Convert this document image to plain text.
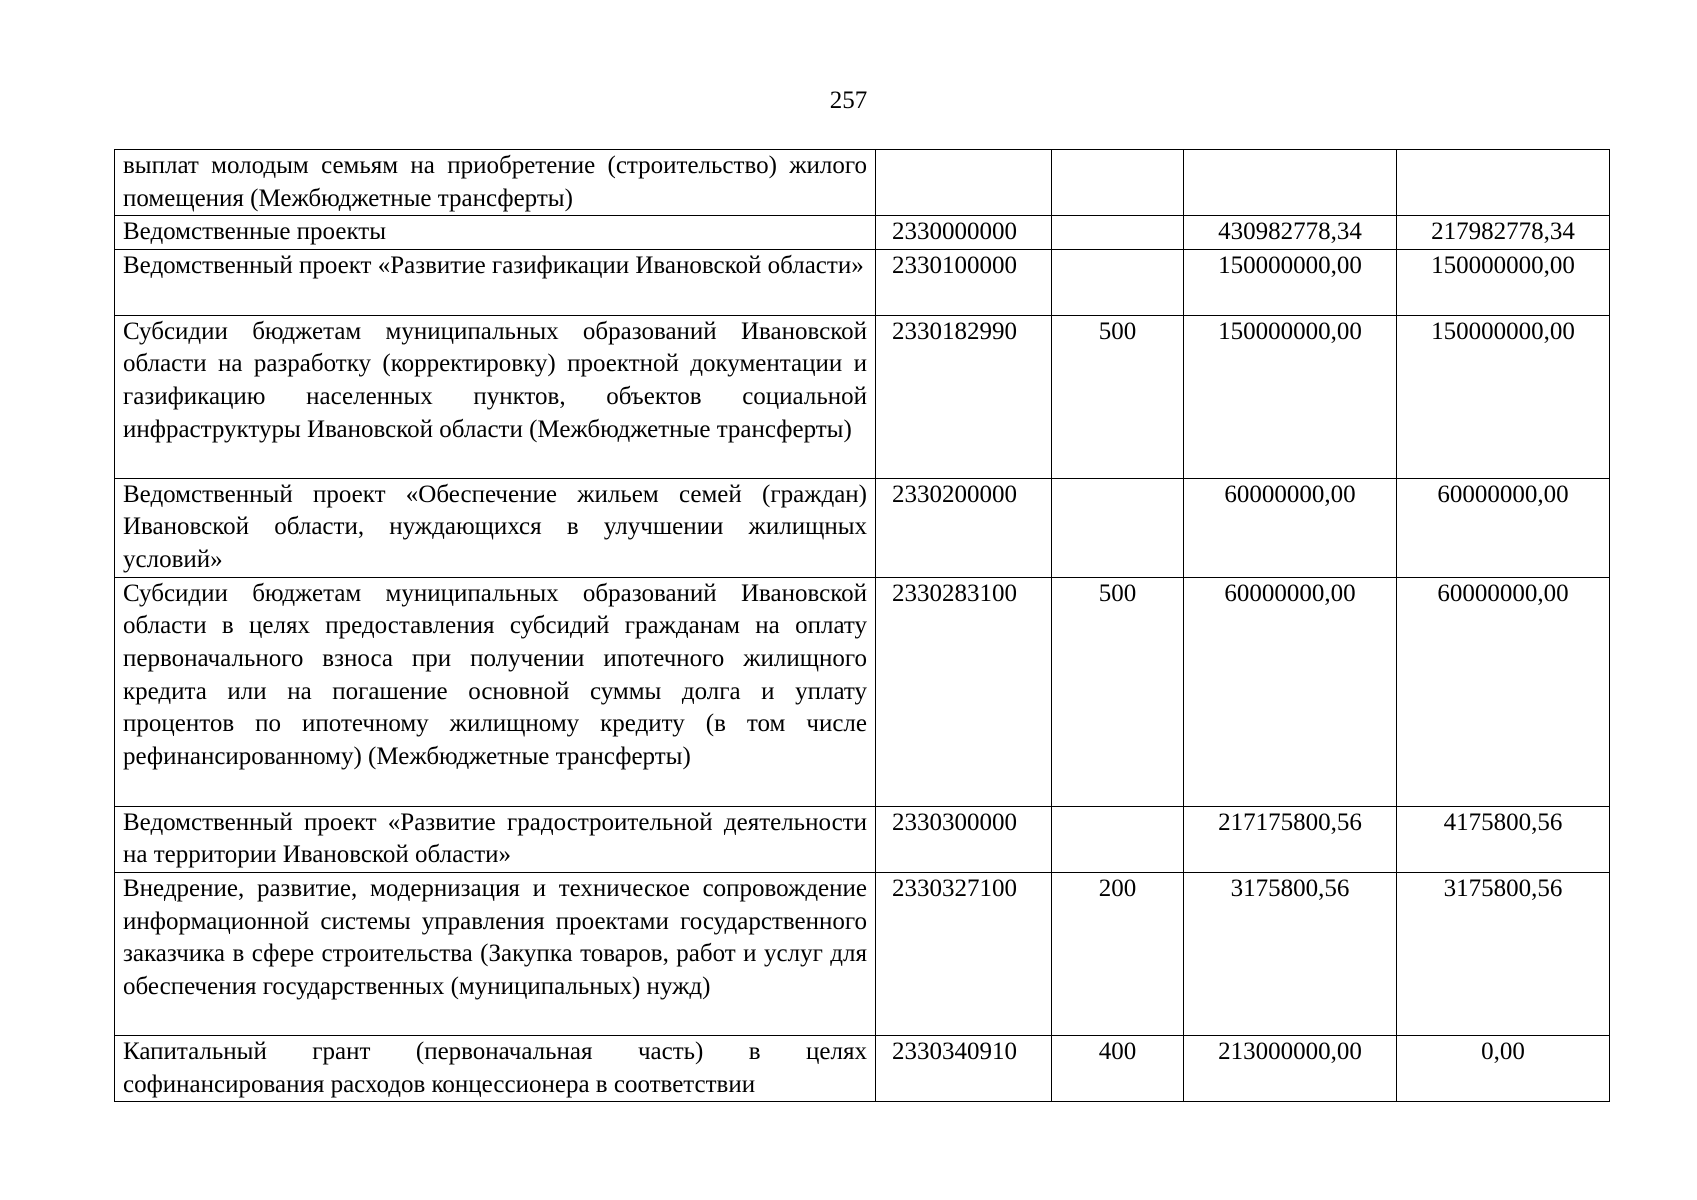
257
выплат молодым семьям на приобретение (строительство) жилого помещения (Межбюджетные трансферты)				
Ведомственные проекты	2330000000		430982778,34	217982778,34
Ведомственный проект «Развитие газификации Ивановской области»	2330100000		150000000,00	150000000,00
Субсидии бюджетам муниципальных образований Ивановской области на разработку (корректировку) проектной документации и газификацию населенных пунктов, объектов социальной инфраструктуры Ивановской области (Межбюджетные трансферты)	2330182990	500	150000000,00	150000000,00
Ведомственный проект «Обеспечение жильем семей (граждан) Ивановской области, нуждающихся в улучшении жилищных условий»	2330200000		60000000,00	60000000,00
Субсидии бюджетам муниципальных образований Ивановской области в целях предоставления субсидий гражданам на оплату первоначального взноса при получении ипотечного жилищного кредита или на погашение основной суммы долга и уплату процентов по ипотечному жилищному кредиту (в том числе рефинансированному) (Межбюджетные трансферты)	2330283100	500	60000000,00	60000000,00
Ведомственный проект «Развитие градостроительной деятельности на территории Ивановской области»	2330300000		217175800,56	4175800,56
Внедрение, развитие, модернизация и техническое сопровождение информационной системы управления проектами государственного заказчика в сфере строительства (Закупка товаров, работ и услуг для обеспечения государственных (муниципальных) нужд)	2330327100	200	3175800,56	3175800,56
Капитальный грант (первоначальная часть) в целях софинансирования расходов концессионера в соответствии	2330340910	400	213000000,00	0,00
